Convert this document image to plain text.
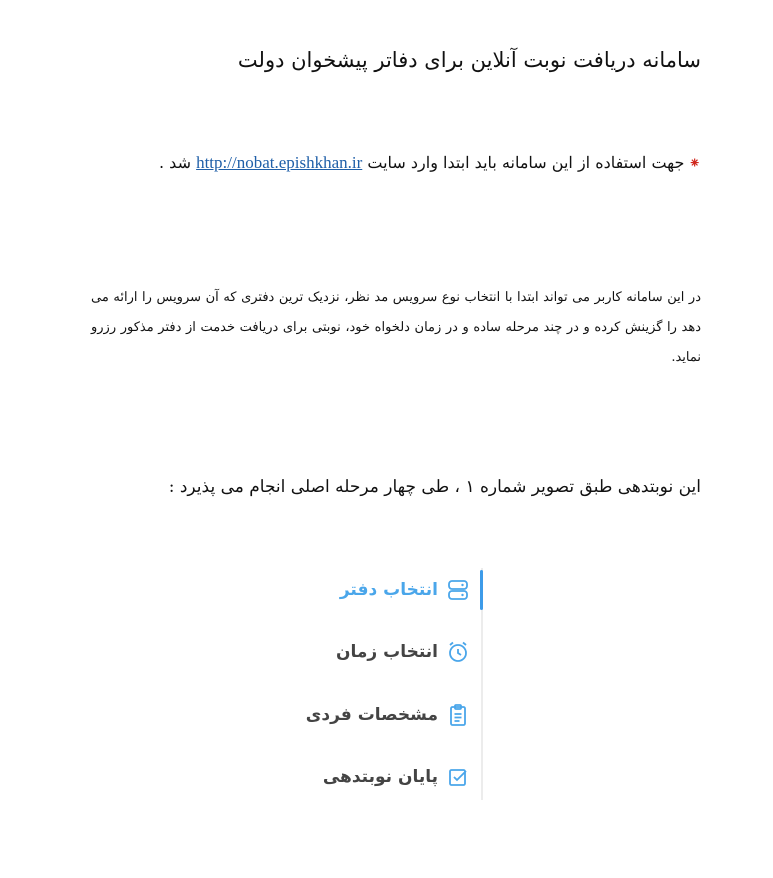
سامانه دریافت نوبت آنلاین برای دفاتر پیشخوان دولت
⁕جهت استفاده از این سامانه باید ابتدا وارد سایت http://nobat.epishkhan.ir شد .
در این سامانه کاربر می تواند ابتدا با انتخاب نوع سرویس مد نظر، نزدیک ترین دفتری که آن سرویس را ارائه می دهد را گزینش کرده و در چند مرحله ساده و در زمان دلخواه خود، نوبتی برای دریافت خدمت از دفتر مذکور رزرو نماید.
این نوبتدهی طبق تصویر شماره ۱ ، طی چهار مرحله اصلی انجام می پذیرد :
انتخاب دفتر
انتخاب زمان
مشخصات فردی
پایان نوبتدهی
